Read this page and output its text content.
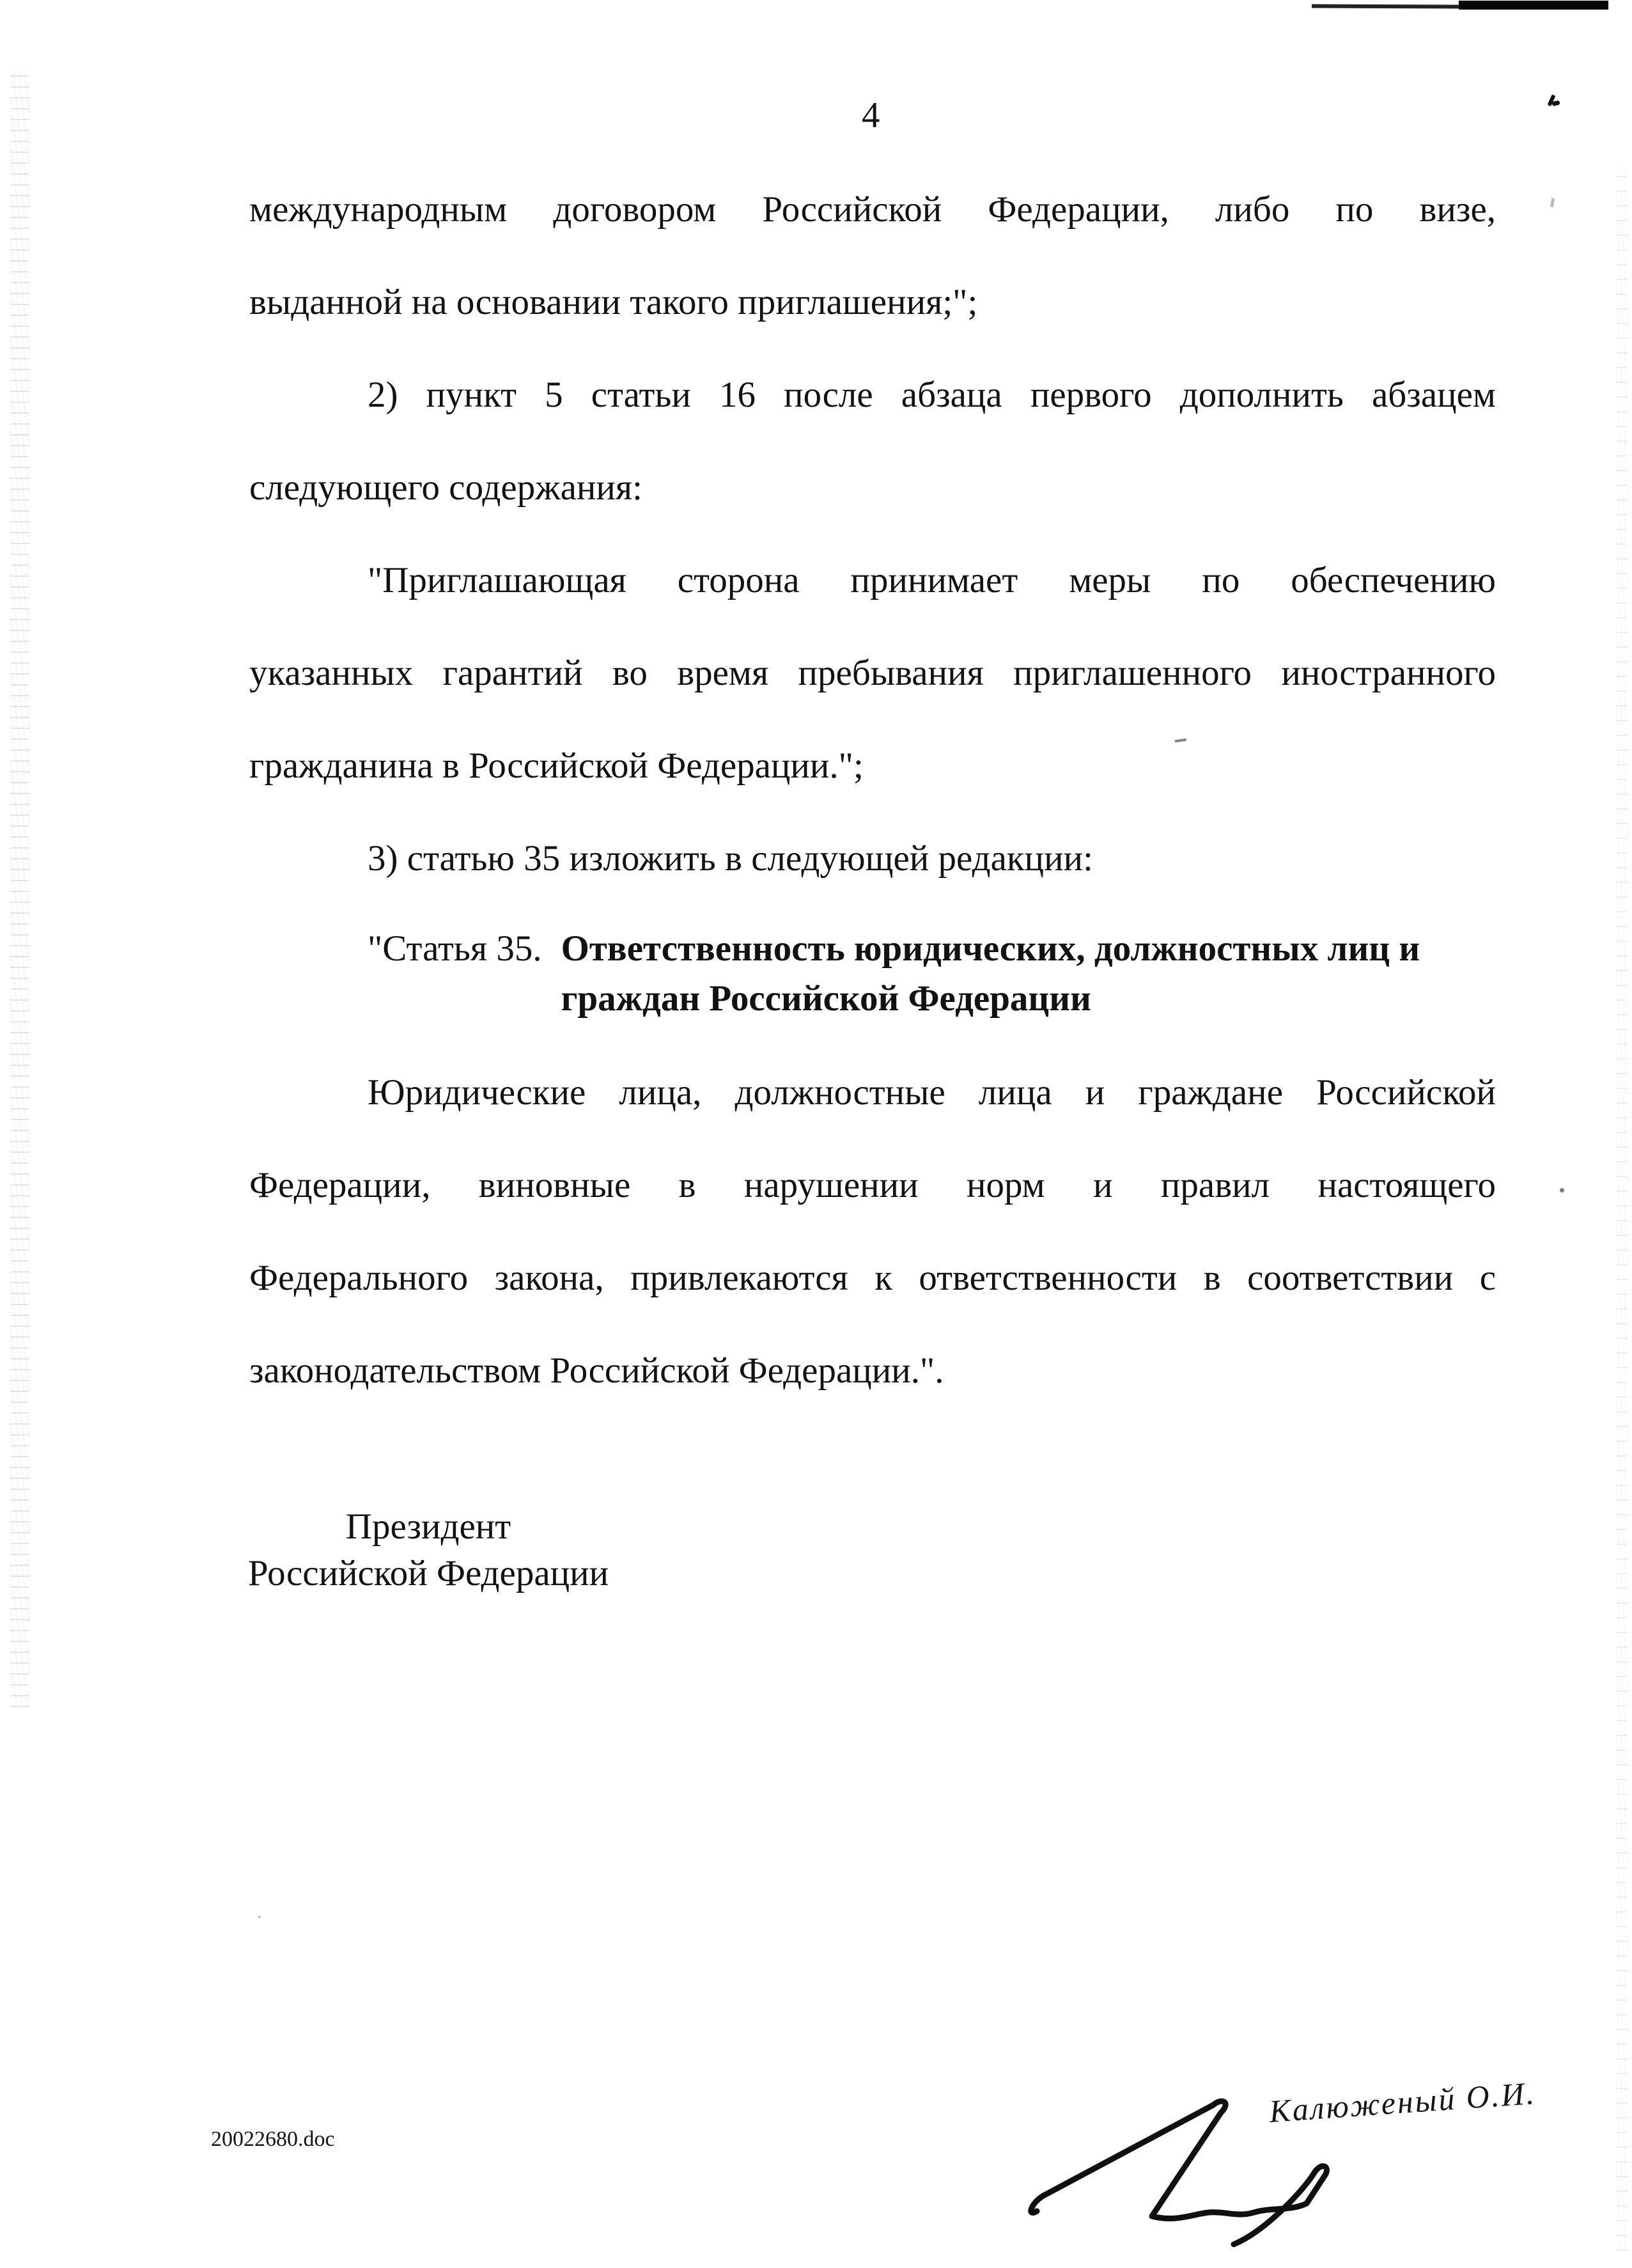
4
международным договором Российской Федерации, либо по визе,
выданной на основании такого приглашения;";
2) пункт 5 статьи 16 после абзаца первого дополнить абзацем
следующего содержания:
"Приглашающая сторона принимает меры по обеспечению
указанных гарантий во время пребывания приглашенного иностранного
гражданина в Российской Федерации.";
3) статью 35 изложить в следующей редакции:
"Статья 35. Ответственность юридических, должностных лиц и
граждан Российской Федерации
Юридические лица, должностные лица и граждане Российской
Федерации, виновные в нарушении норм и правил настоящего
Федерального закона, привлекаются к ответственности в соответствии с
законодательством Российской Федерации.".
Президент
Российской Федерации
20022680.doc
Калюженый О.И.
